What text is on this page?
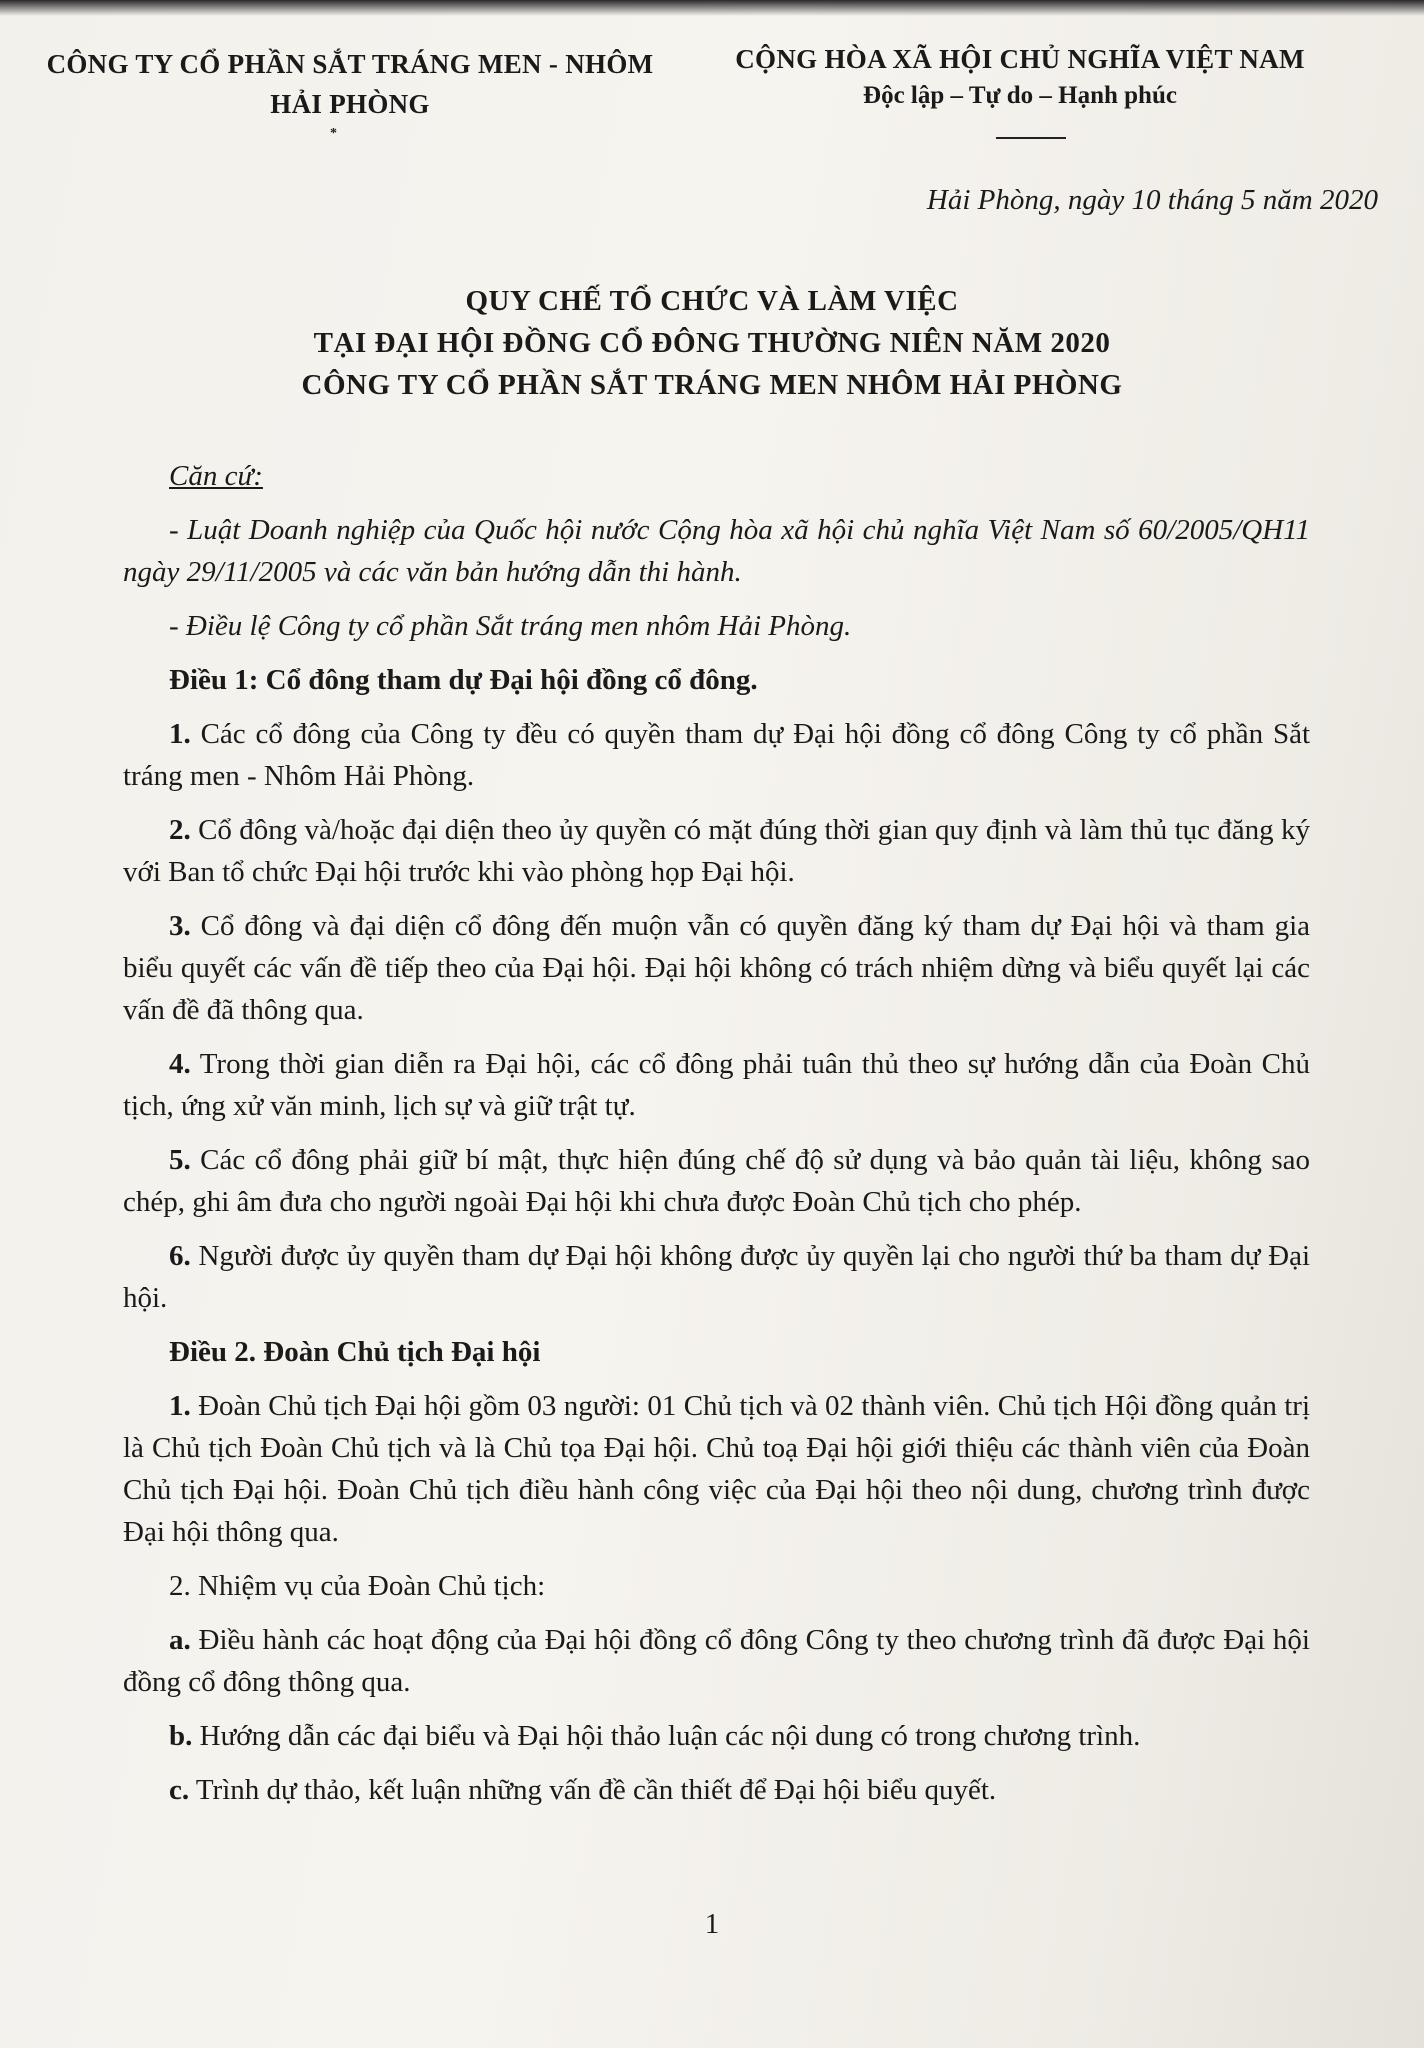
CÔNG TY CỔ PHẦN SẮT TRÁNG MEN - NHÔM
HẢI PHÒNG
*
CỘNG HÒA XÃ HỘI CHỦ NGHĨA VIỆT NAM
Độc lập – Tự do – Hạnh phúc
Hải Phòng, ngày 10 tháng 5 năm 2020
QUY CHẾ TỔ CHỨC VÀ LÀM VIỆC
TẠI ĐẠI HỘI ĐỒNG CỔ ĐÔNG THƯỜNG NIÊN NĂM 2020
CÔNG TY CỔ PHẦN SẮT TRÁNG MEN NHÔM HẢI PHÒNG

Căn cứ:

- Luật Doanh nghiệp của Quốc hội nước Cộng hòa xã hội chủ nghĩa Việt Nam số 60/2005/QH11 ngày 29/11/2005 và các văn bản hướng dẫn thi hành.

- Điều lệ Công ty cổ phần Sắt tráng men nhôm Hải Phòng.

Điều 1: Cổ đông tham dự Đại hội đồng cổ đông.

1. Các cổ đông của Công ty đều có quyền tham dự Đại hội đồng cổ đông Công ty cổ phần Sắt tráng men - Nhôm Hải Phòng.

2. Cổ đông và/hoặc đại diện theo ủy quyền có mặt đúng thời gian quy định và làm thủ tục đăng ký với Ban tổ chức Đại hội trước khi vào phòng họp Đại hội.

3. Cổ đông và đại diện cổ đông đến muộn vẫn có quyền đăng ký tham dự Đại hội và tham gia biểu quyết các vấn đề tiếp theo của Đại hội. Đại hội không có trách nhiệm dừng và biểu quyết lại các vấn đề đã thông qua.

4. Trong thời gian diễn ra Đại hội, các cổ đông phải tuân thủ theo sự hướng dẫn của Đoàn Chủ tịch, ứng xử văn minh, lịch sự và giữ trật tự.

5. Các cổ đông phải giữ bí mật, thực hiện đúng chế độ sử dụng và bảo quản tài liệu, không sao chép, ghi âm đưa cho người ngoài Đại hội khi chưa được Đoàn Chủ tịch cho phép.

6. Người được ủy quyền tham dự Đại hội không được ủy quyền lại cho người thứ ba tham dự Đại hội.

Điều 2. Đoàn Chủ tịch Đại hội

1. Đoàn Chủ tịch Đại hội gồm 03 người: 01 Chủ tịch và 02 thành viên. Chủ tịch Hội đồng quản trị là Chủ tịch Đoàn Chủ tịch và là Chủ tọa Đại hội. Chủ toạ Đại hội giới thiệu các thành viên của Đoàn Chủ tịch Đại hội. Đoàn Chủ tịch điều hành công việc của Đại hội theo nội dung, chương trình được Đại hội thông qua.

2. Nhiệm vụ của Đoàn Chủ tịch:

a. Điều hành các hoạt động của Đại hội đồng cổ đông Công ty theo chương trình đã được Đại hội đồng cổ đông thông qua.

b. Hướng dẫn các đại biểu và Đại hội thảo luận các nội dung có trong chương trình.

c. Trình dự thảo, kết luận những vấn đề cần thiết để Đại hội biểu quyết.

1
